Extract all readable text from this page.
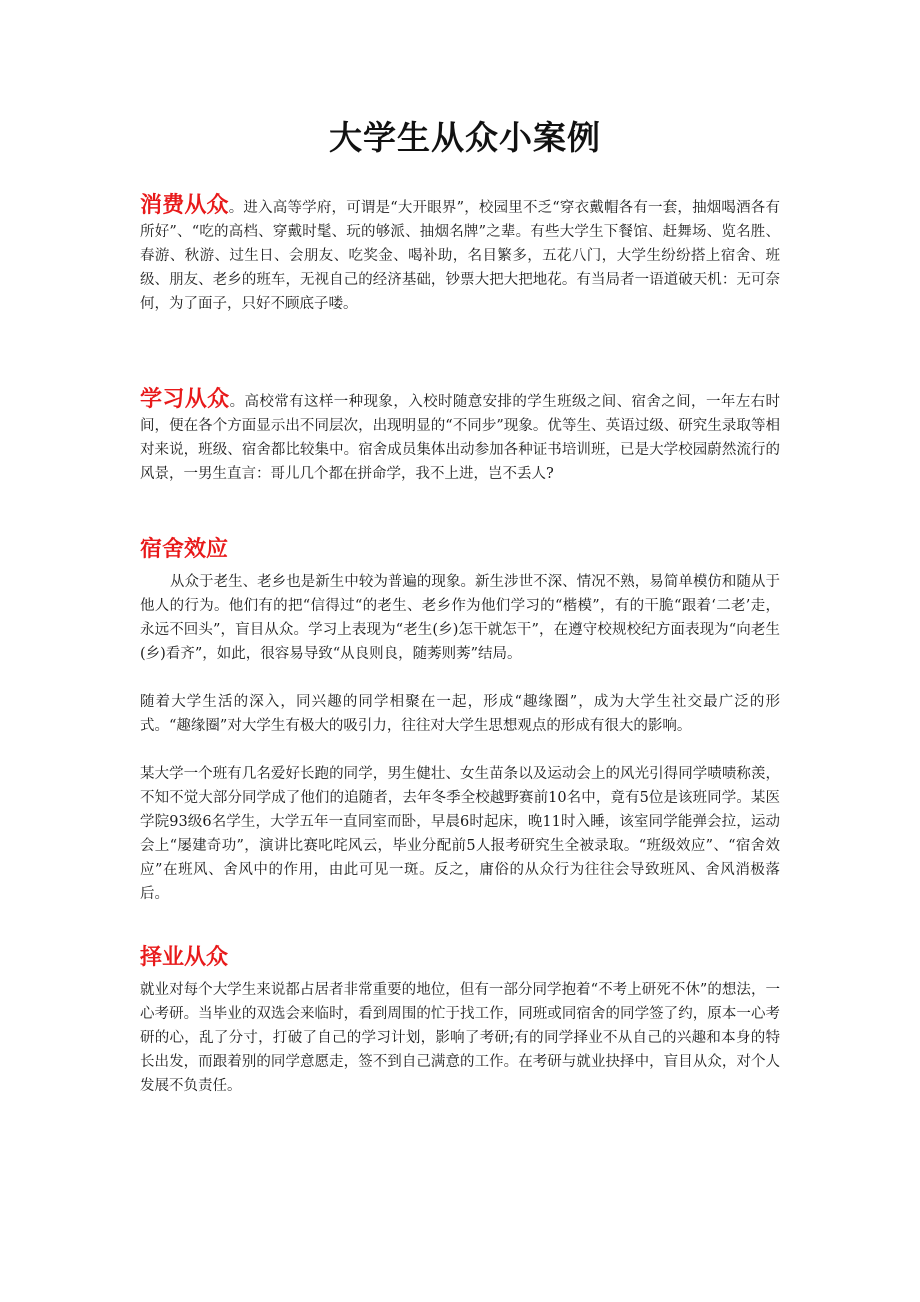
大学生从众小案例

消费从众。进入高等学府，可谓是“大开眼界”，校园里不乏“穿衣戴帽各有一套，抽烟喝酒各有所好”、“吃的高档、穿戴时髦、玩的够派、抽烟名牌”之辈。有些大学生下餐馆、赶舞场、览名胜、春游、秋游、过生日、会朋友、吃奖金、喝补助，名目繁多，五花八门，大学生纷纷搭上宿舍、班级、朋友、老乡的班车，无视自己的经济基础，钞票大把大把地花。有当局者一语道破天机：无可奈何，为了面子，只好不顾底子喽。

学习从众。高校常有这样一种现象，入校时随意安排的学生班级之间、宿舍之间，一年左右时间，便在各个方面显示出不同层次，出现明显的“不同步”现象。优等生、英语过级、研究生录取等相对来说，班级、宿舍都比较集中。宿舍成员集体出动参加各种证书培训班，已是大学校园蔚然流行的风景，一男生直言：哥儿几个都在拼命学，我不上进，岂不丢人?

宿舍效应

从众于老生、老乡也是新生中较为普遍的现象。新生涉世不深、情况不熟，易简单模仿和随从于他人的行为。他们有的把“信得过“的老生、老乡作为他们学习的“楷模”，有的干脆“跟着‘二老’走，永远不回头”，盲目从众。学习上表现为“老生(乡)怎干就怎干”，在遵守校规校纪方面表现为“向老生(乡)看齐”，如此，很容易导致“从良则良，随莠则莠”结局。

随着大学生活的深入，同兴趣的同学相聚在一起，形成“趣缘圈”，成为大学生社交最广泛的形式。“趣缘圈”对大学生有极大的吸引力，往往对大学生思想观点的形成有很大的影响。

某大学一个班有几名爱好长跑的同学，男生健壮、女生苗条以及运动会上的风光引得同学啧啧称羡，不知不觉大部分同学成了他们的追随者，去年冬季全校越野赛前10名中，竟有5位是该班同学。某医学院93级6名学生，大学五年一直同室而卧，早晨6时起床，晚11时入睡，该室同学能弹会拉，运动会上“屡建奇功”，演讲比赛叱咤风云，毕业分配前5人报考研究生全被录取。“班级效应”、“宿舍效应”在班风、舍风中的作用，由此可见一斑。反之，庸俗的从众行为往往会导致班风、舍风消极落后。

择业从众

就业对每个大学生来说都占居者非常重要的地位，但有一部分同学抱着“不考上研死不休”的想法，一心考研。当毕业的双选会来临时，看到周围的忙于找工作，同班或同宿舍的同学签了约，原本一心考研的心，乱了分寸，打破了自己的学习计划，影响了考研;有的同学择业不从自己的兴趣和本身的特长出发，而跟着别的同学意愿走，签不到自己满意的工作。在考研与就业抉择中，盲目从众，对个人发展不负责任。
